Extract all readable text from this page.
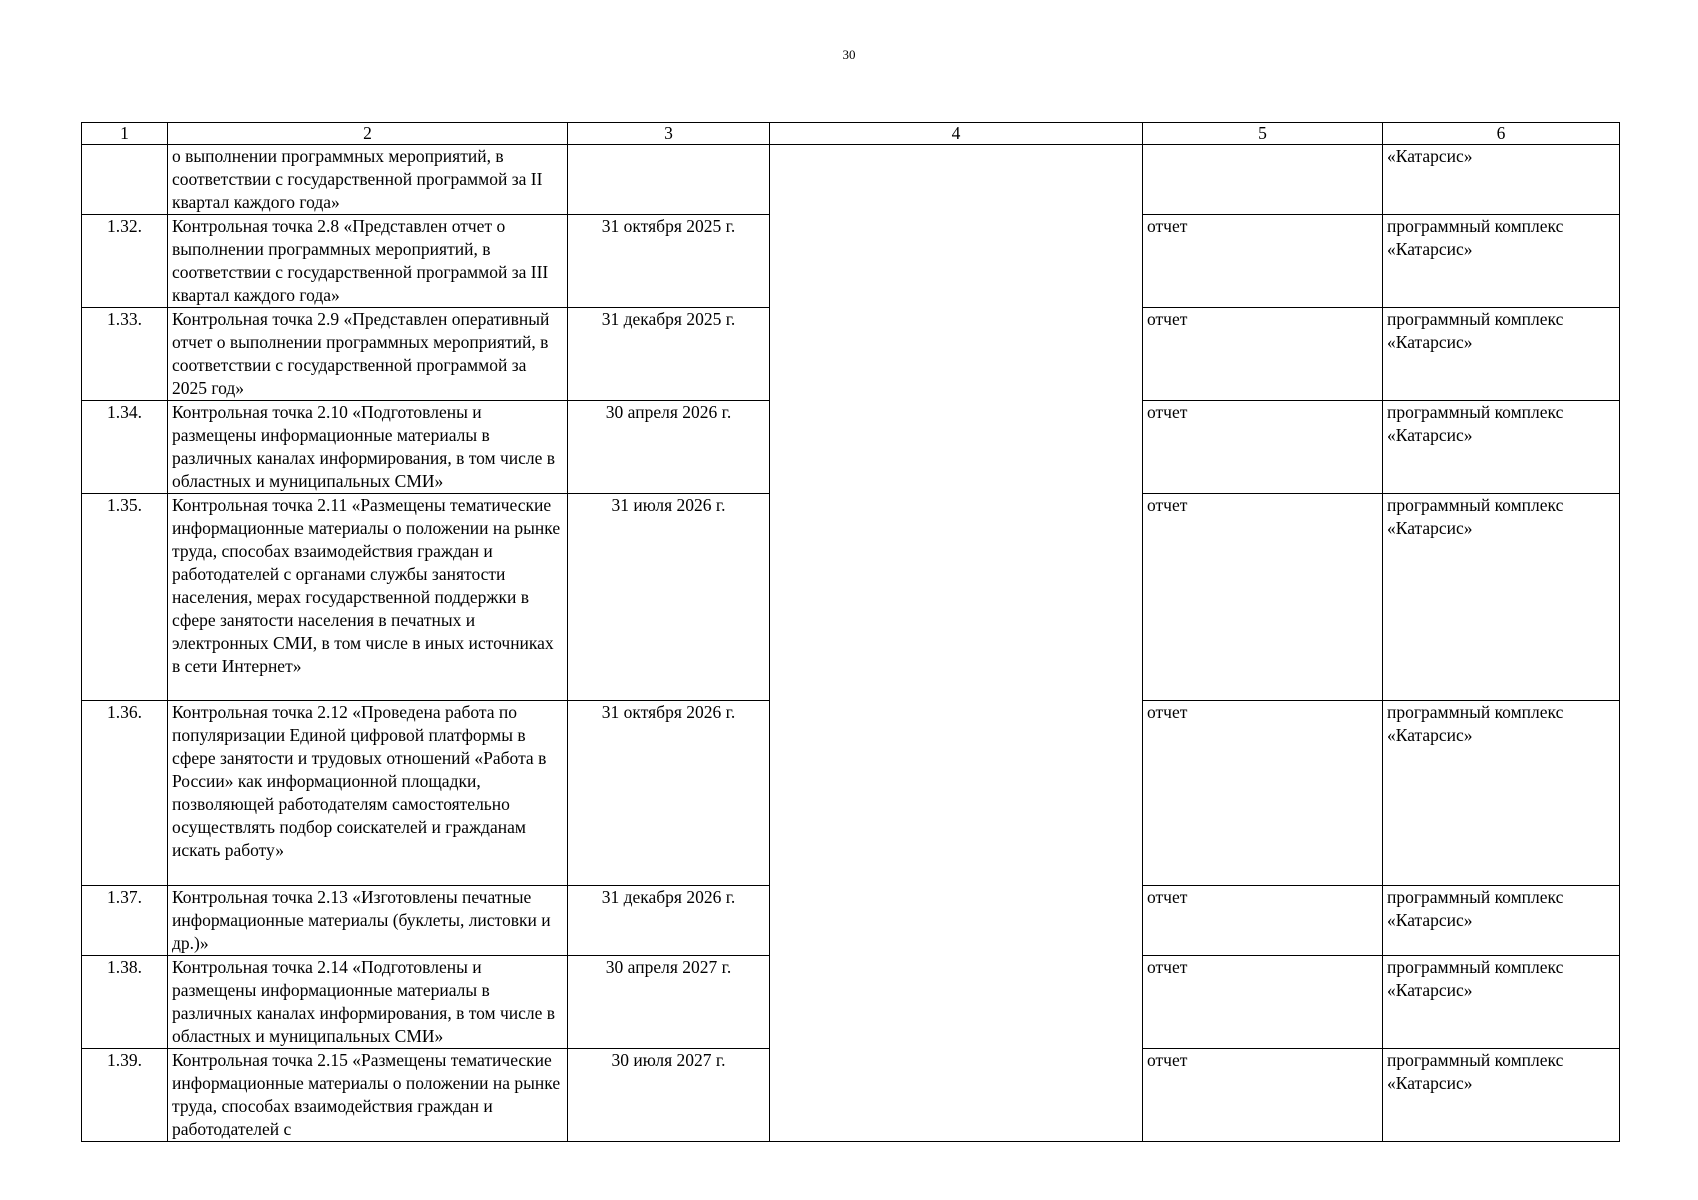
30
1	2	3	4	5	6
	о выполнении программных мероприятий, в соответствии с государственной программой за II квартал каждого года»				«Катарсис»
1.32.	Контрольная точка 2.8 «Представлен отчет о выполнении программных мероприятий, в соответствии с государственной программой за III квартал каждого года»	31 октября 2025 г.		отчет	программный комплекс «Катарсис»
1.33.	Контрольная точка 2.9 «Представлен оперативный отчет о выполнении программных мероприятий, в соответствии с государственной программой за 2025 год»	31 декабря 2025 г.		отчет	программный комплекс «Катарсис»
1.34.	Контрольная точка 2.10 «Подготовлены и размещены информационные материалы в различных каналах информирования, в том числе в областных и муниципальных СМИ»	30 апреля 2026 г.		отчет	программный комплекс «Катарсис»
1.35.	Контрольная точка 2.11 «Размещены тематические информационные материалы о положении на рынке труда, способах взаимодействия граждан и работодателей с органами службы занятости населения, мерах государственной поддержки в сфере занятости населения в печатных и электронных СМИ, в том числе в иных источниках в сети Интернет»	31 июля 2026 г.		отчет	программный комплекс «Катарсис»
1.36.	Контрольная точка 2.12 «Проведена работа по популяризации Единой цифровой платформы в сфере занятости и трудовых отношений «Работа в России» как информационной площадки, позволяющей работодателям самостоятельно осуществлять подбор соискателей и гражданам искать работу»	31 октября 2026 г.		отчет	программный комплекс «Катарсис»
1.37.	Контрольная точка 2.13 «Изготовлены печатные информационные материалы (буклеты, листовки и др.)»	31 декабря 2026 г.		отчет	программный комплекс «Катарсис»
1.38.	Контрольная точка 2.14 «Подготовлены и размещены информационные материалы в различных каналах информирования, в том числе в областных и муниципальных СМИ»	30 апреля 2027 г.		отчет	программный комплекс «Катарсис»
1.39.	Контрольная точка 2.15 «Размещены тематические информационные материалы о положении на рынке труда, способах взаимодействия граждан и работодателей с	30 июля 2027 г.		отчет	программный комплекс «Катарсис»
